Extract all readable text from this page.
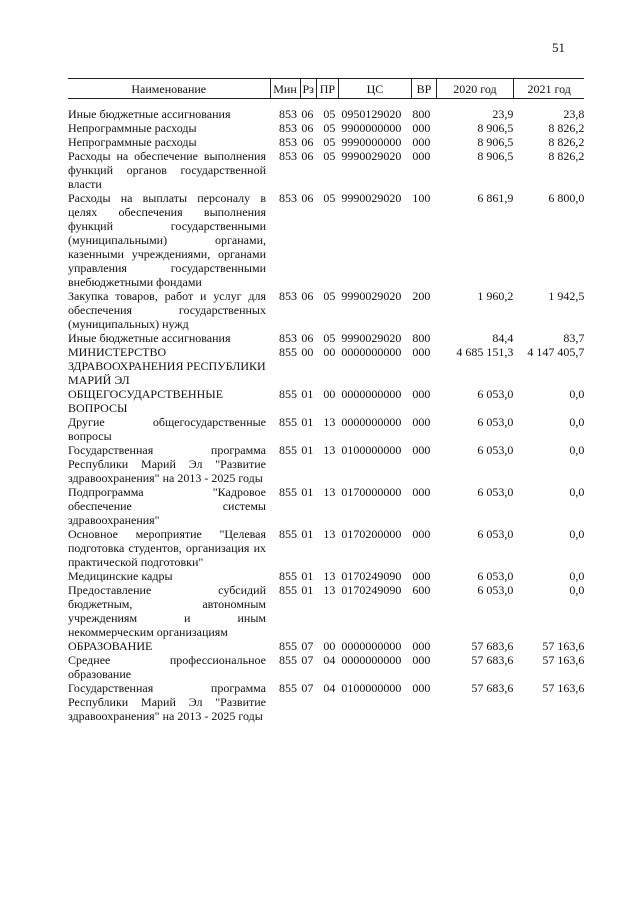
51
Наименование	Мин	Рз	ПР	ЦС	ВР	2020 год	2021 год

Иные бюджетные ассигнования	853	06	05	0950129020	800	23,9	23,8
Непрограммные расходы	853	06	05	9900000000	000	8 906,5	8 826,2
Непрограммные расходы	853	06	05	9990000000	000	8 906,5	8 826,2
Расходы на обеспечение выполнения функций органов государственной власти	853	06	05	9990029020	000	8 906,5	8 826,2
Расходы на выплаты персоналу в целях обеспечения выполнения функций государственными (муниципальными) органами, казенными учреждениями, органами управления государственными внебюджетными фондами	853	06	05	9990029020	100	6 861,9	6 800,0
Закупка товаров, работ и услуг для обеспечения государственных (муниципальных) нужд	853	06	05	9990029020	200	1 960,2	1 942,5
Иные бюджетные ассигнования	853	06	05	9990029020	800	84,4	83,7
МИНИСТЕРСТВО ЗДРАВООХРАНЕНИЯ РЕСПУБЛИКИ МАРИЙ ЭЛ	855	00	00	0000000000	000	4 685 151,3	4 147 405,7
ОБЩЕГОСУДАРСТВЕННЫЕ ВОПРОСЫ	855	01	00	0000000000	000	6 053,0	0,0
Другие общегосударственные вопросы	855	01	13	0000000000	000	6 053,0	0,0
Государственная программа Республики Марий Эл "Развитие здравоохранения" на 2013 - 2025 годы	855	01	13	0100000000	000	6 053,0	0,0
Подпрограмма "Кадровое обеспечение системы здравоохранения"	855	01	13	0170000000	000	6 053,0	0,0
Основное мероприятие "Целевая подготовка студентов, организация их практической подготовки"	855	01	13	0170200000	000	6 053,0	0,0
Медицинские кадры	855	01	13	0170249090	000	6 053,0	0,0
Предоставление субсидий бюджетным, автономным учреждениям и иным некоммерческим организациям	855	01	13	0170249090	600	6 053,0	0,0
ОБРАЗОВАНИЕ	855	07	00	0000000000	000	57 683,6	57 163,6
Среднее профессиональное образование	855	07	04	0000000000	000	57 683,6	57 163,6
Государственная программа Республики Марий Эл "Развитие здравоохранения" на 2013 - 2025 годы	855	07	04	0100000000	000	57 683,6	57 163,6
